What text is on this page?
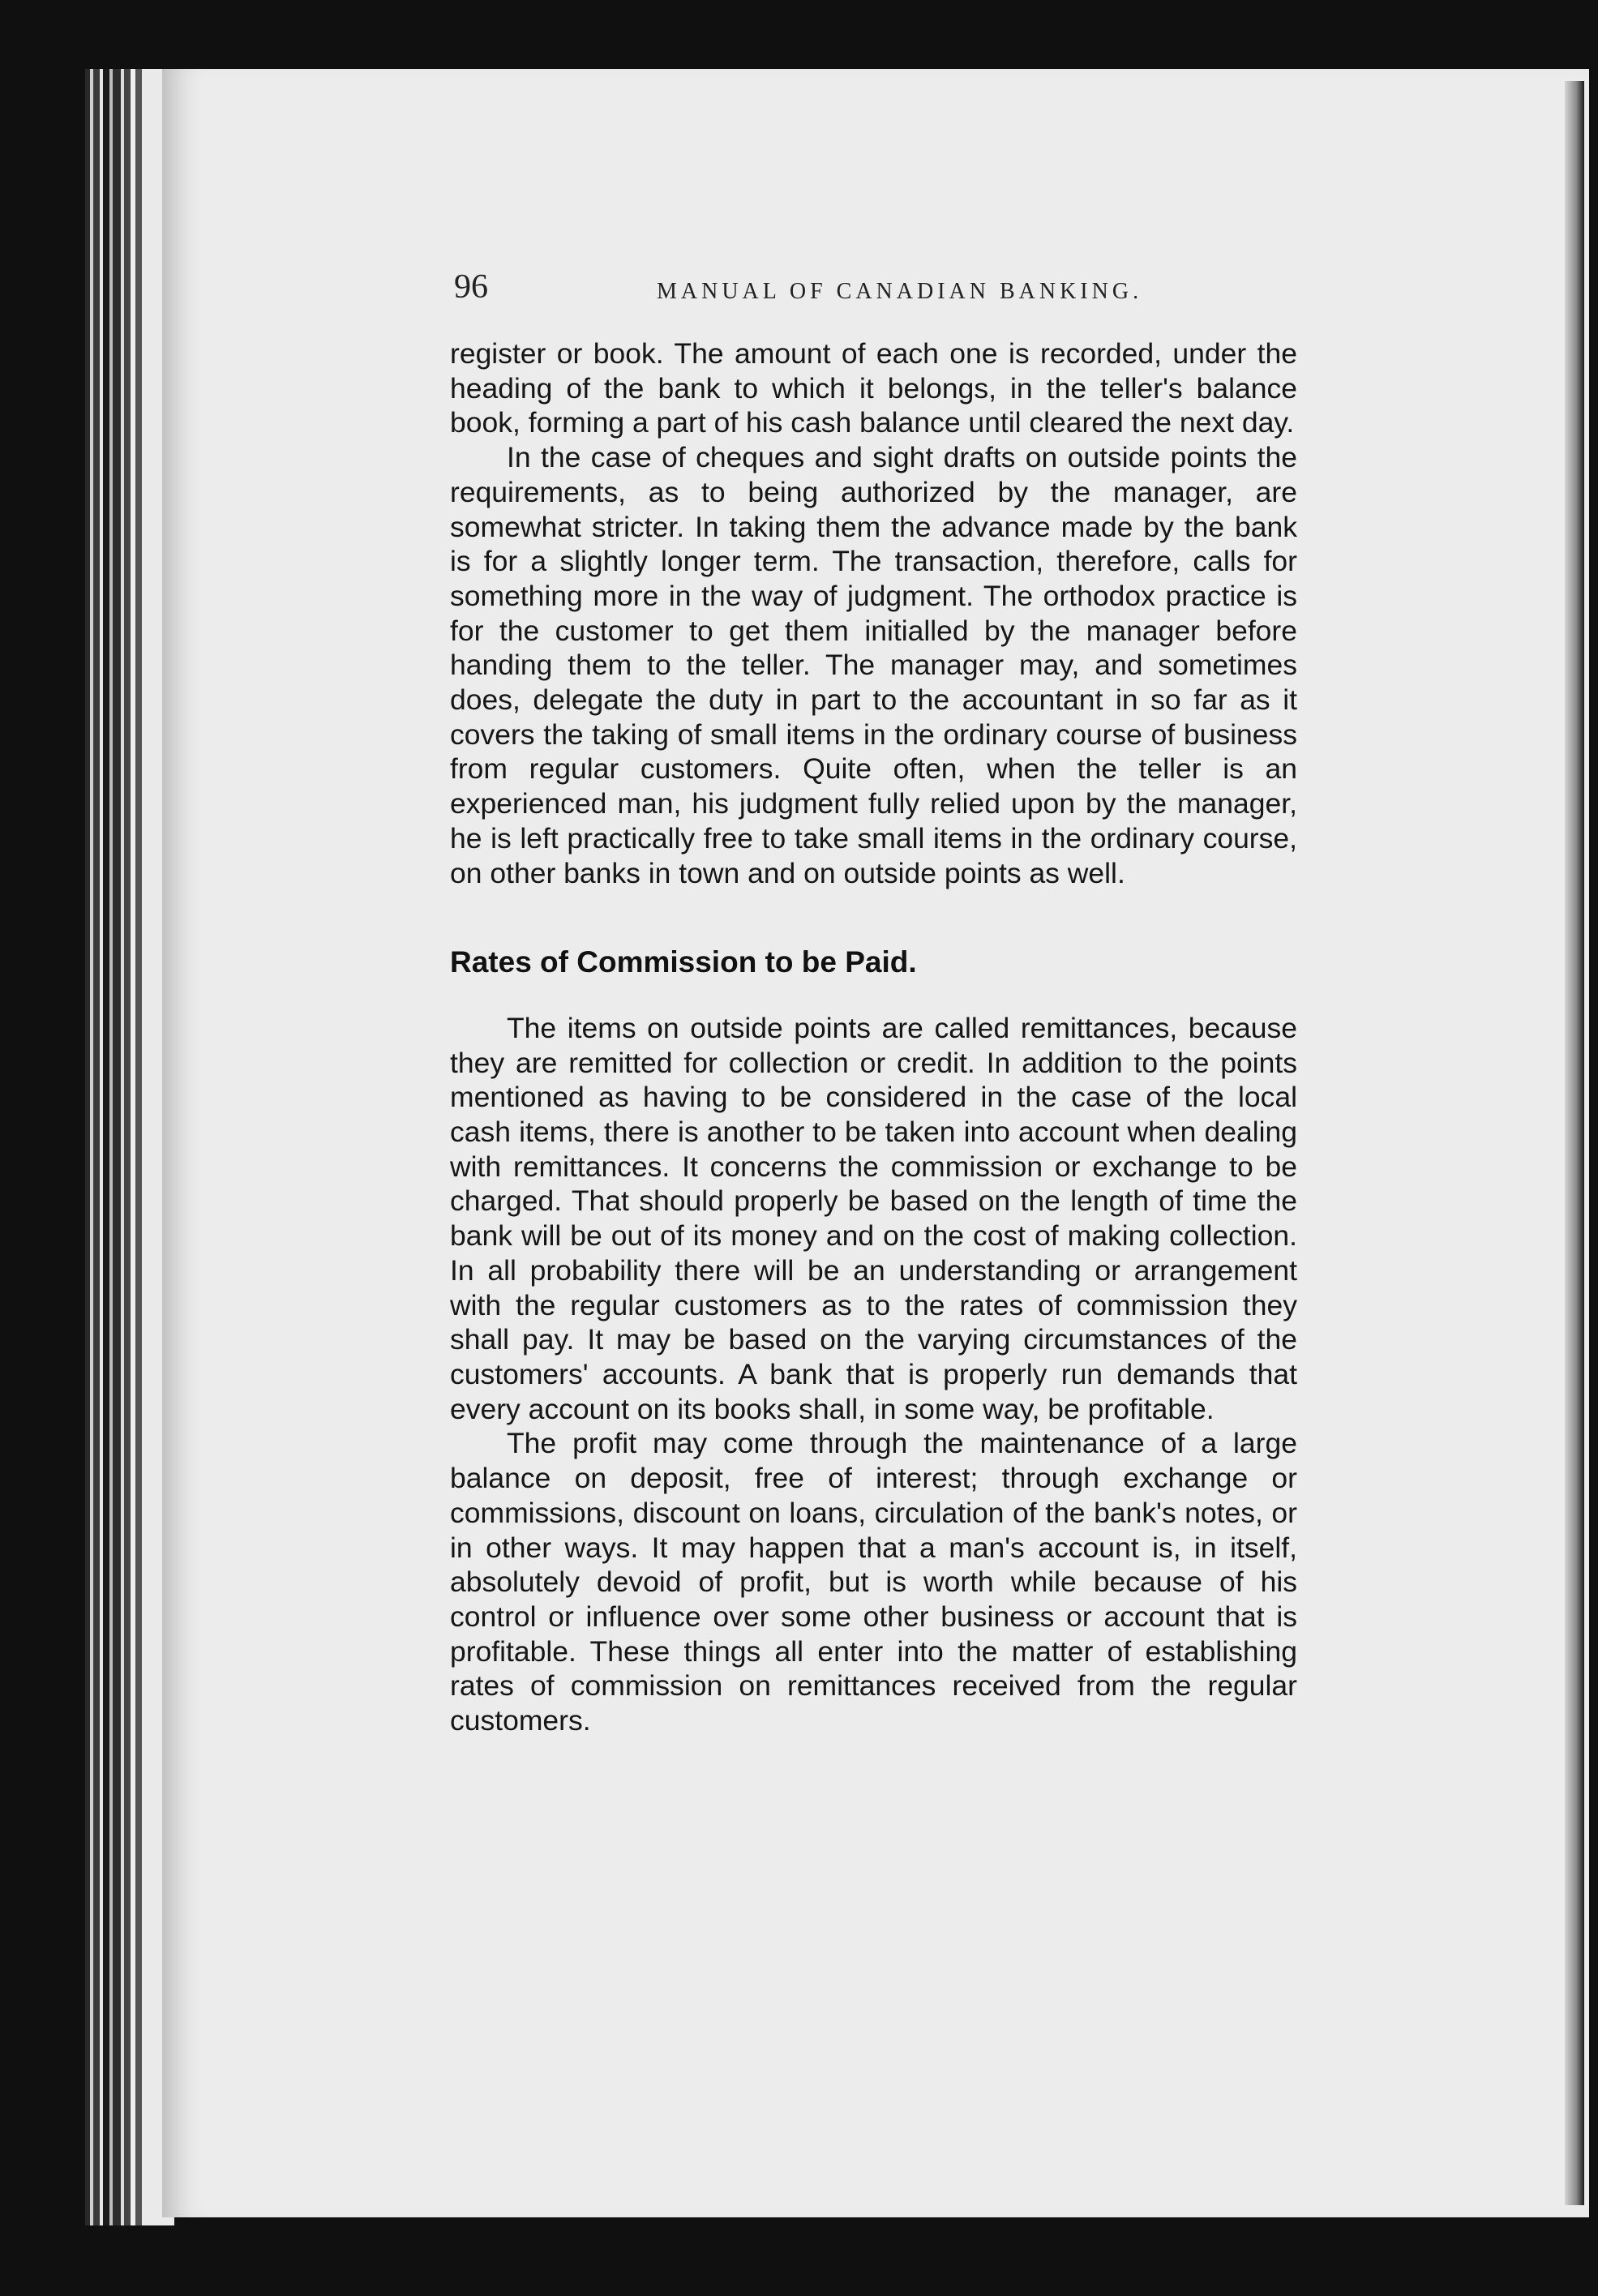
96	MANUAL OF CANADIAN BANKING.

register or book. The amount of each one is recorded, under the heading of the bank to which it belongs, in the teller's balance book, forming a part of his cash balance until cleared the next day.

In the case of cheques and sight drafts on outside points the requirements, as to being authorized by the manager, are somewhat stricter. In taking them the advance made by the bank is for a slightly longer term. The transaction, therefore, calls for something more in the way of judgment. The orthodox practice is for the customer to get them initialled by the manager before handing them to the teller. The manager may, and sometimes does, delegate the duty in part to the accountant in so far as it covers the taking of small items in the ordinary course of business from regular customers. Quite often, when the teller is an experienced man, his judgment fully relied upon by the manager, he is left practically free to take small items in the ordinary course, on other banks in town and on outside points as well.

Rates of Commission to be Paid.

The items on outside points are called remittances, because they are remitted for collection or credit. In addition to the points mentioned as having to be considered in the case of the local cash items, there is another to be taken into account when dealing with remittances. It concerns the commission or exchange to be charged. That should properly be based on the length of time the bank will be out of its money and on the cost of making collection. In all probability there will be an understanding or arrangement with the regular customers as to the rates of commission they shall pay. It may be based on the varying circumstances of the customers' accounts. A bank that is properly run demands that every account on its books shall, in some way, be profitable.

The profit may come through the maintenance of a large balance on deposit, free of interest; through exchange or commissions, discount on loans, circulation of the bank's notes, or in other ways. It may happen that a man's account is, in itself, absolutely devoid of profit, but is worth while because of his control or influence over some other business or account that is profitable. These things all enter into the matter of establishing rates of commission on remittances received from the regular customers.
